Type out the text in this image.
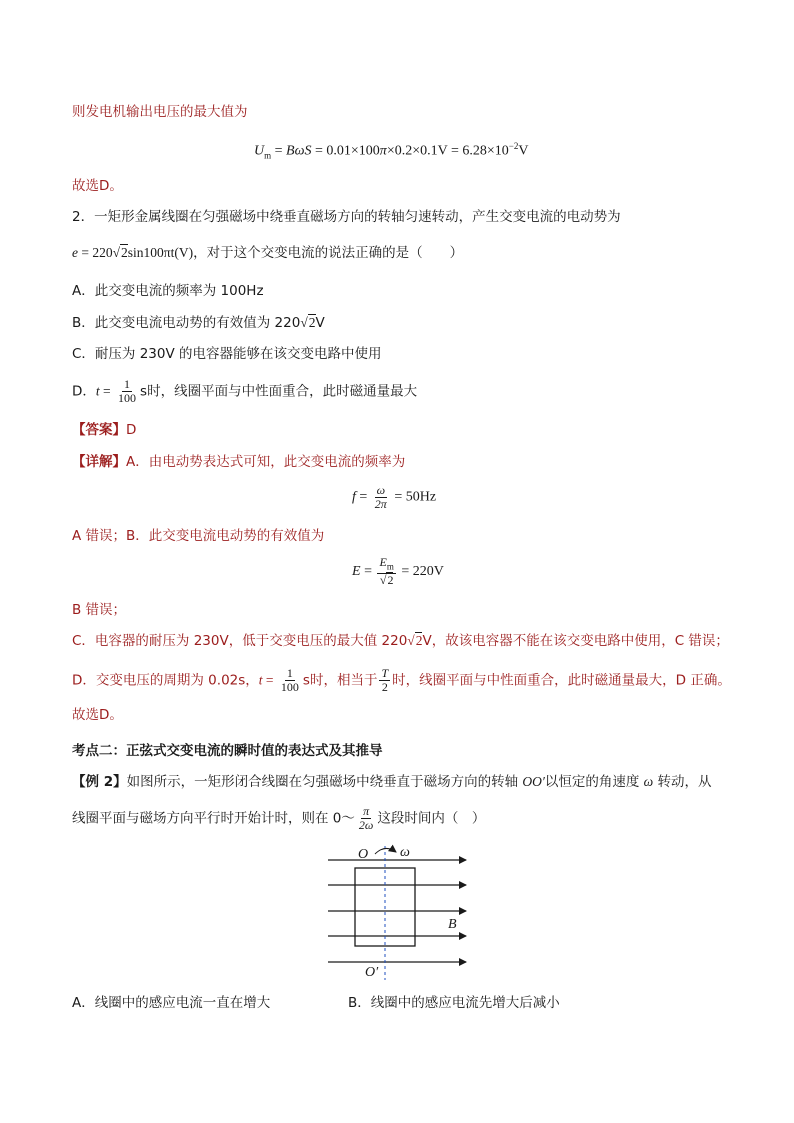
则发电机输出电压的最大值为
$U_m = B\omega S = 0.01\times 100\pi\times 0.2\times 0.1V = 6.28\times 10^{-2}V$
故选D。
2．一矩形金属线圈在匀强磁场中绕垂直磁场方向的转轴匀速转动，产生交变电流的电动势为
e = 220√2sin100πt(V)，对于这个交变电流的说法正确的是（　　）
A．此交变电流的频率为 100Hz
B．此交变电流电动势的有效值为 220√2V
C．耐压为 230V 的电容器能够在该交变电路中使用
D．$t = \frac{1}{100}$ s时，线圈平面与中性面重合，此时磁通量最大
【答案】D
【详解】A．由电动势表达式可知，此交变电流的频率为
$f = \frac{\omega}{2\pi} = 50Hz$
A 错误；B．此交变电流电动势的有效值为
$E = \frac{E_m}{√2} = 220V$
B 错误；
C．电容器的耐压为 230V，低于交变电压的最大值 220√2V，故该电容器不能在该交变电路中使用，C 错误；
D．交变电压的周期为 0.02s，$t = \frac{1}{100}$ s时，相当于 $\frac{T}{2}$ 时，线圈平面与中性面重合，此时磁通量最大，D 正确。
故选D。
考点二：正弦式交变电流的瞬时值的表达式及其推导
【例 2】如图所示，一矩形闭合线圈在匀强磁场中绕垂直于磁场方向的转轴 OO′以恒定的角速度 ω 转动，从
线圈平面与磁场方向平行时开始计时，则在 0～ $\frac{\pi}{2\omega}$ 这段时间内（　）
O ω
B
O′
A．线圈中的感应电流一直在增大	B．线圈中的感应电流先增大后减小
